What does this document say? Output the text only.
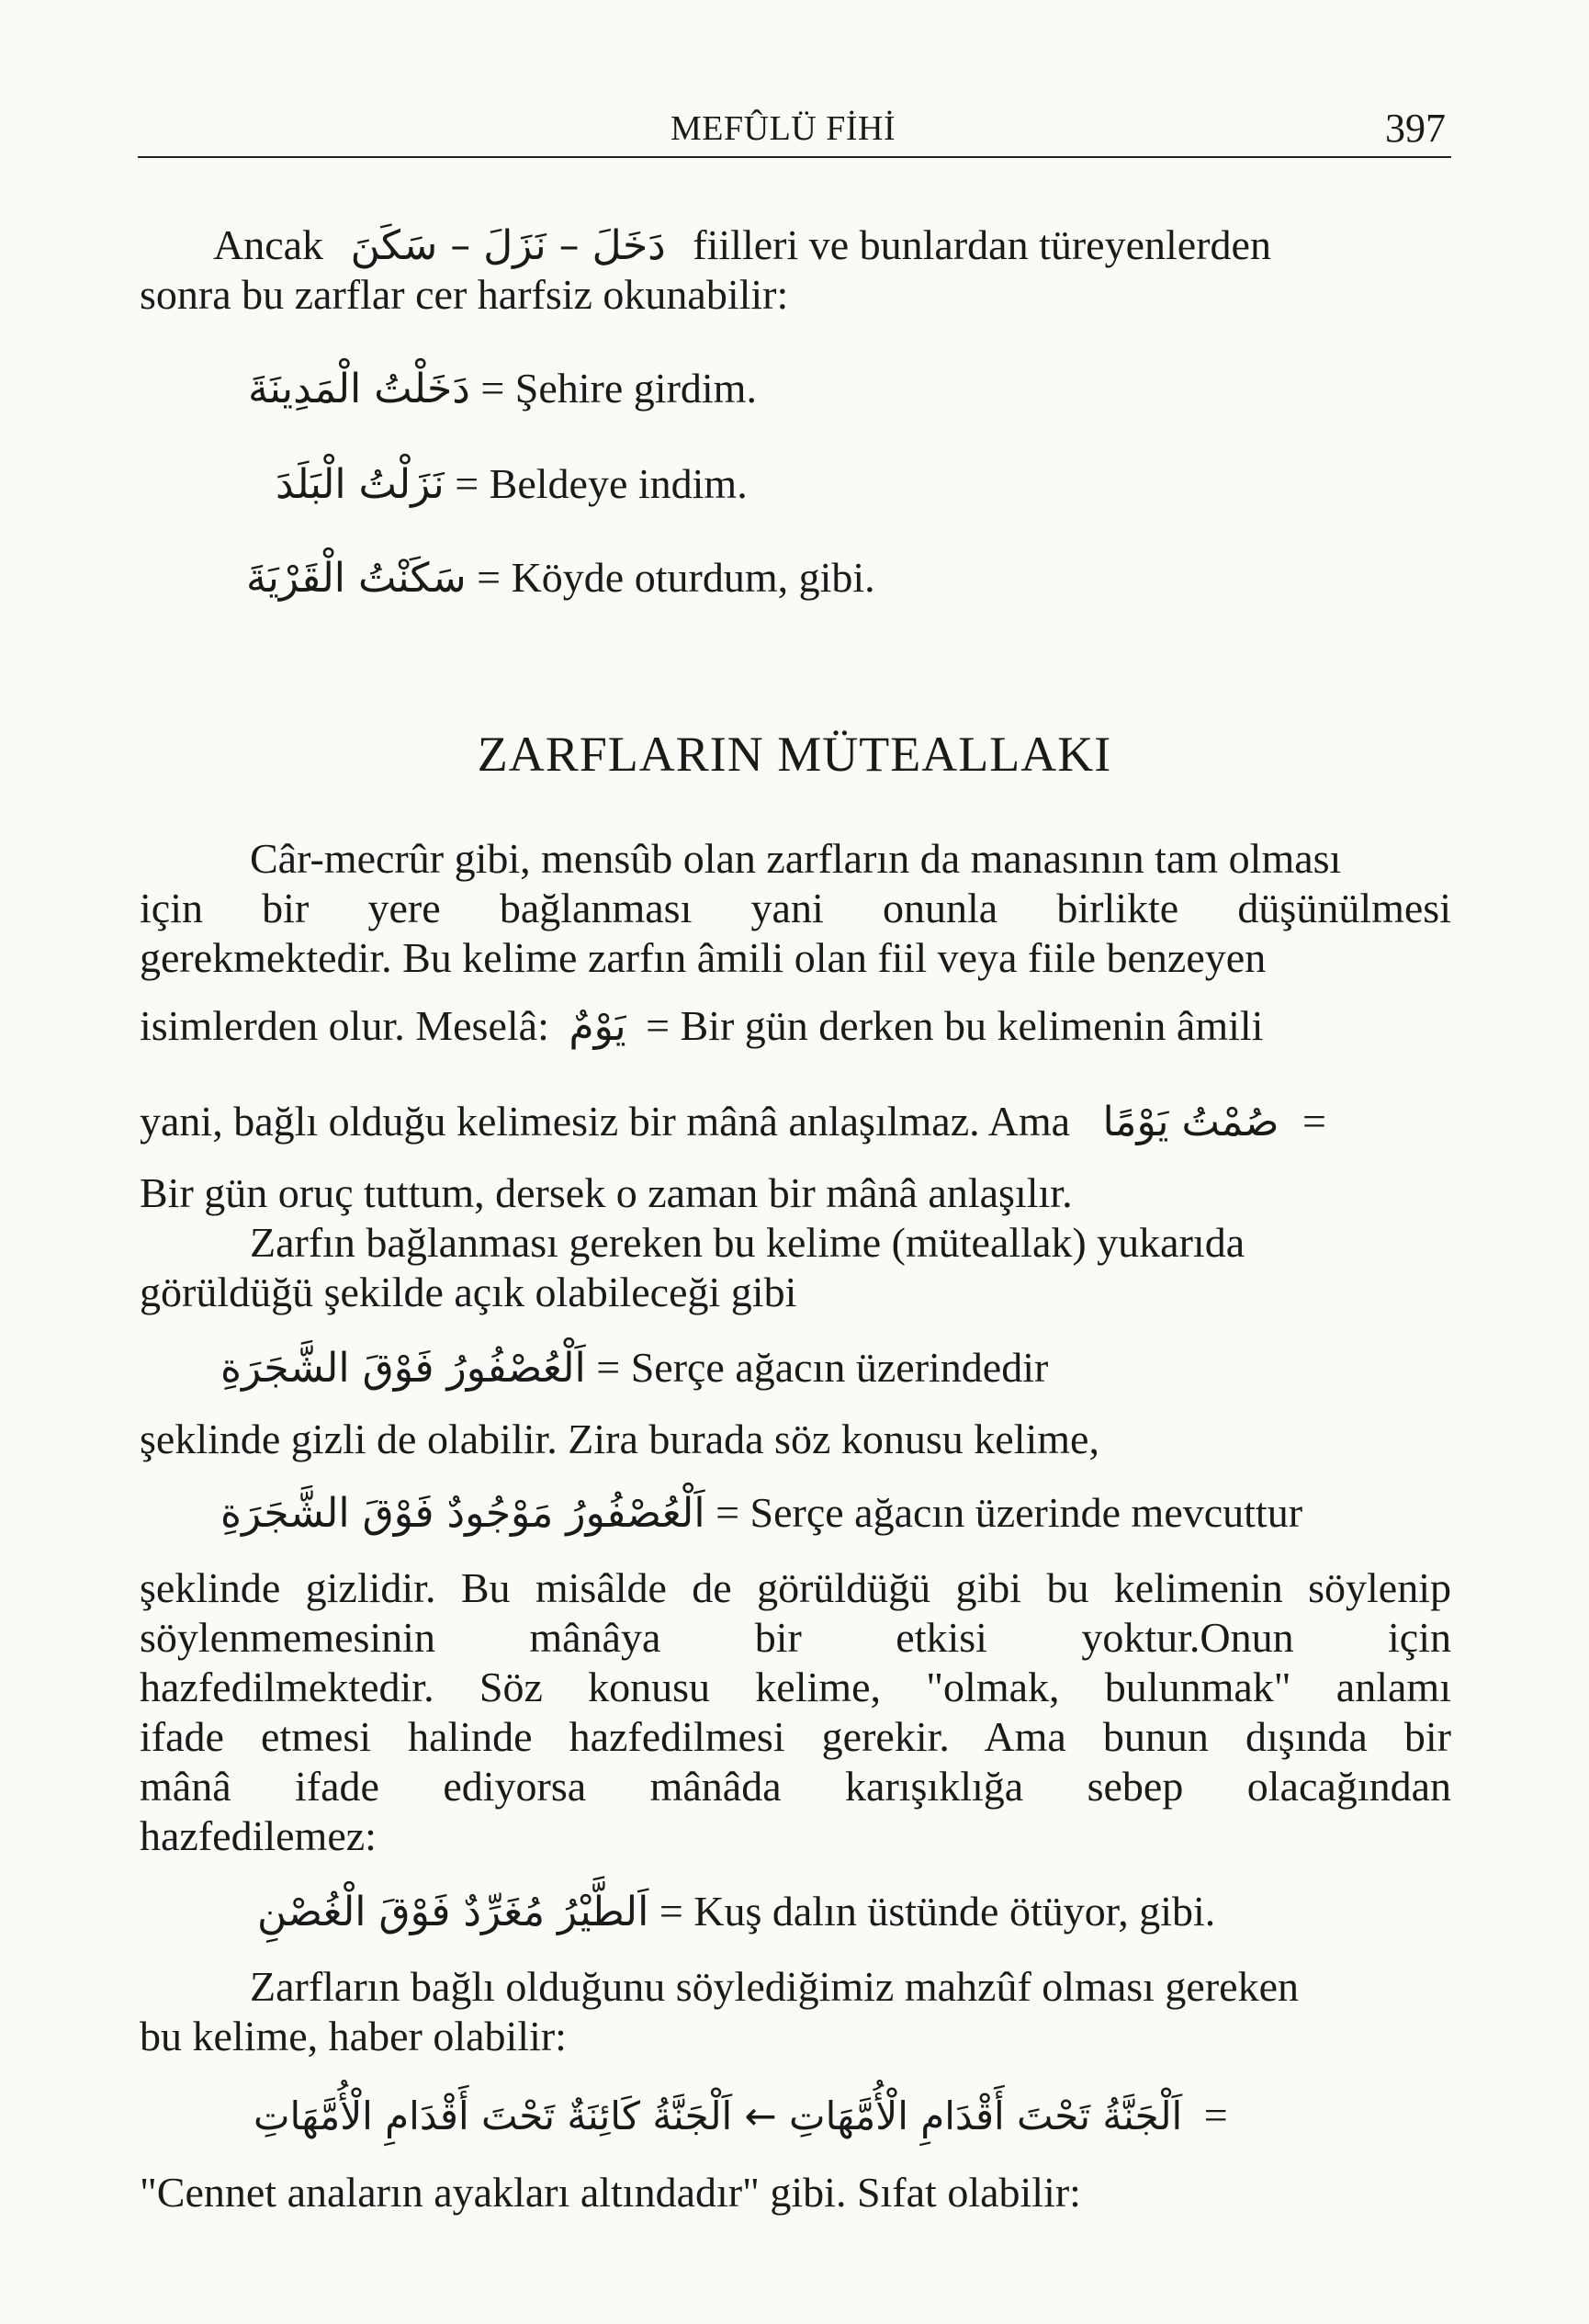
MEFÛLÜ FİHİ	397
Ancak دَخَلَ – نَزَلَ – سَكَنَ fiilleri ve bunlardan türeyenlerden
sonra bu zarflar cer harfsiz okunabilir:
دَخَلْتُ الْمَدِينَةَ = Şehire girdim.
نَزَلْتُ الْبَلَدَ = Beldeye indim.
سَكَنْتُ الْقَرْيَةَ = Köyde oturdum, gibi.
ZARFLARIN MÜTEALLAKI
Câr-mecrûr gibi, mensûb olan zarfların da manasının tam olması
için bir yere bağlanması yani onunla birlikte düşünülmesi
gerekmektedir. Bu kelime zarfın âmili olan fiil veya fiile benzeyen
isimlerden olur. Meselâ: يَوْمٌ = Bir gün derken bu kelimenin âmili
yani, bağlı olduğu kelimesiz bir mânâ anlaşılmaz. Ama صُمْتُ يَوْمًا =
Bir gün oruç tuttum, dersek o zaman bir mânâ anlaşılır.
Zarfın bağlanması gereken bu kelime (müteallak) yukarıda
görüldüğü şekilde açık olabileceği gibi
اَلْعُصْفُورُ فَوْقَ الشَّجَرَةِ = Serçe ağacın üzerindedir
şeklinde gizli de olabilir. Zira burada söz konusu kelime,
اَلْعُصْفُورُ مَوْجُودٌ فَوْقَ الشَّجَرَةِ = Serçe ağacın üzerinde mevcuttur
şeklinde gizlidir. Bu misâlde de görüldüğü gibi bu kelimenin söylenip
söylenmemesinin mânâya bir etkisi yoktur.Onun için
hazfedilmektedir. Söz konusu kelime, "olmak, bulunmak" anlamı
ifade etmesi halinde hazfedilmesi gerekir. Ama bunun dışında bir
mânâ ifade ediyorsa mânâda karışıklığa sebep olacağından
hazfedilemez:
اَلطَّيْرُ مُغَرِّدٌ فَوْقَ الْغُصْنِ = Kuş dalın üstünde ötüyor, gibi.
Zarfların bağlı olduğunu söylediğimiz mahzûf olması gereken
bu kelime, haber olabilir:
اَلْجَنَّةُ تَحْتَ أَقْدَامِ الْأُمَّهَاتِ ← اَلْجَنَّةُ كَائِنَةٌ تَحْتَ أَقْدَامِ الْأُمَّهَاتِ =
"Cennet anaların ayakları altındadır" gibi. Sıfat olabilir:
